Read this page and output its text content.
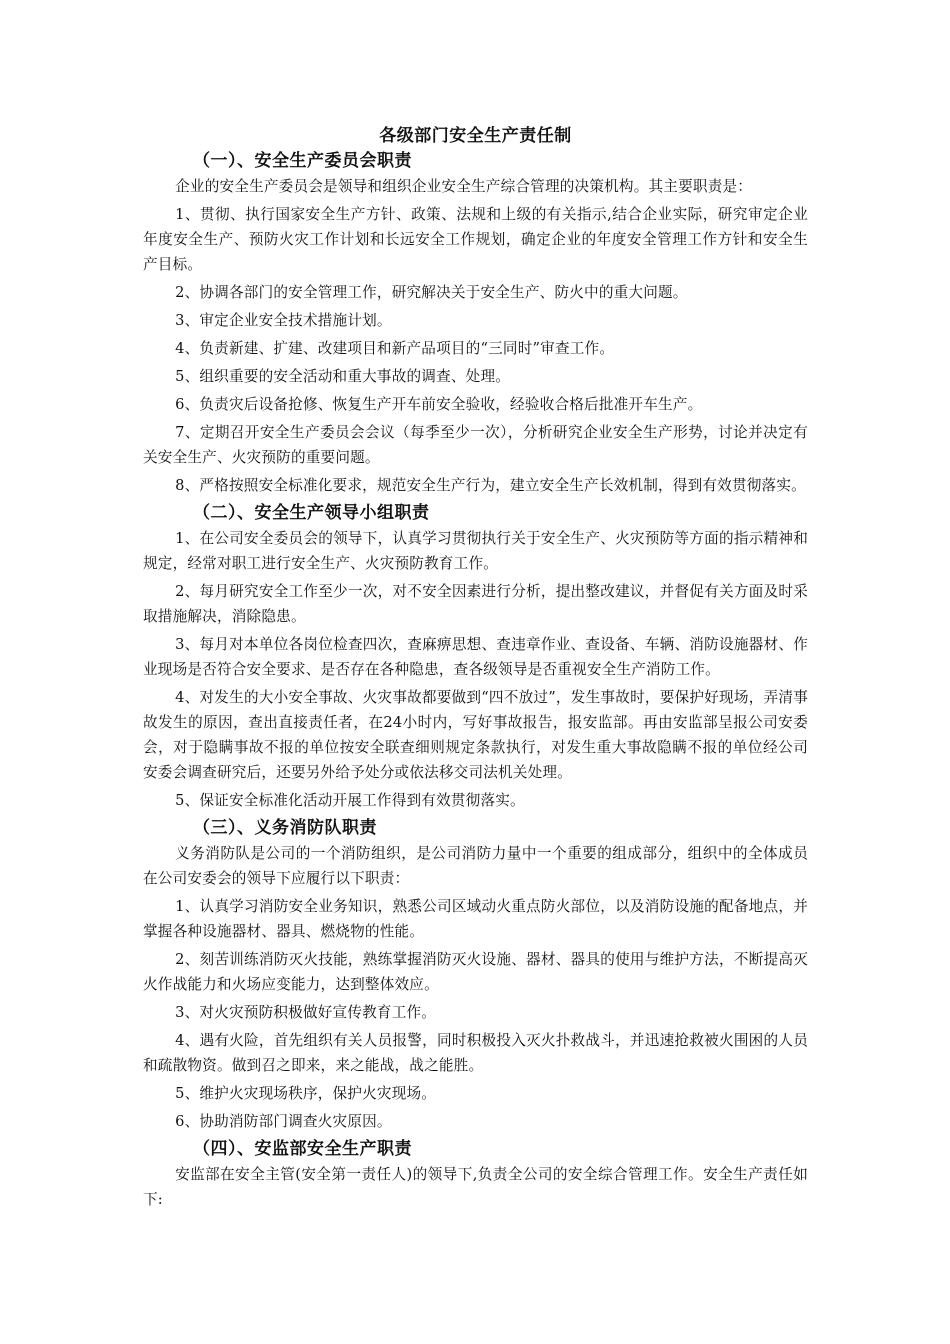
各级部门安全生产责任制
（一）、安全生产委员会职责

企业的安全生产委员会是领导和组织企业安全生产综合管理的决策机构。其主要职责是：

1、贯彻、执行国家安全生产方针、政策、法规和上级的有关指示,结合企业实际，研究审定企业年度安全生产、预防火灾工作计划和长远安全工作规划，确定企业的年度安全管理工作方针和安全生产目标。

2、协调各部门的安全管理工作，研究解决关于安全生产、防火中的重大问题。

3、审定企业安全技术措施计划。

4、负责新建、扩建、改建项目和新产品项目的“三同时”审查工作。

5、组织重要的安全活动和重大事故的调查、处理。

6、负责灾后设备抢修、恢复生产开车前安全验收，经验收合格后批准开车生产。

7、定期召开安全生产委员会会议（每季至少一次），分析研究企业安全生产形势，讨论并决定有关安全生产、火灾预防的重要问题。

8、严格按照安全标准化要求，规范安全生产行为，建立安全生产长效机制，得到有效贯彻落实。

（二）、安全生产领导小组职责

1、在公司安全委员会的领导下，认真学习贯彻执行关于安全生产、火灾预防等方面的指示精神和规定，经常对职工进行安全生产、火灾预防教育工作。

2、每月研究安全工作至少一次，对不安全因素进行分析，提出整改建议，并督促有关方面及时采取措施解决，消除隐患。

3、每月对本单位各岗位检查四次，查麻痹思想、查违章作业、查设备、车辆、消防设施器材、作业现场是否符合安全要求、是否存在各种隐患，查各级领导是否重视安全生产消防工作。

4、对发生的大小安全事故、火灾事故都要做到“四不放过”，发生事故时，要保护好现场，弄清事故发生的原因，查出直接责任者，在24小时内，写好事故报告，报安监部。再由安监部呈报公司安委会，对于隐瞒事故不报的单位按安全联查细则规定条款执行，对发生重大事故隐瞒不报的单位经公司安委会调查研究后，还要另外给予处分或依法移交司法机关处理。

5、保证安全标准化活动开展工作得到有效贯彻落实。

（三）、义务消防队职责

义务消防队是公司的一个消防组织，是公司消防力量中一个重要的组成部分，组织中的全体成员在公司安委会的领导下应履行以下职责：

1、认真学习消防安全业务知识，熟悉公司区域动火重点防火部位，以及消防设施的配备地点，并掌握各种设施器材、器具、燃烧物的性能。

2、刻苦训练消防灭火技能，熟练掌握消防灭火设施、器材、器具的使用与维护方法，不断提高灭火作战能力和火场应变能力，达到整体效应。

3、对火灾预防积极做好宣传教育工作。

4、遇有火险，首先组织有关人员报警，同时积极投入灭火扑救战斗，并迅速抢救被火围困的人员和疏散物资。做到召之即来，来之能战，战之能胜。

5、维护火灾现场秩序，保护火灾现场。

6、协助消防部门调查火灾原因。

（四）、安监部安全生产职责

安监部在安全主管(安全第一责任人)的领导下,负责全公司的安全综合管理工作。安全生产责任如下:
